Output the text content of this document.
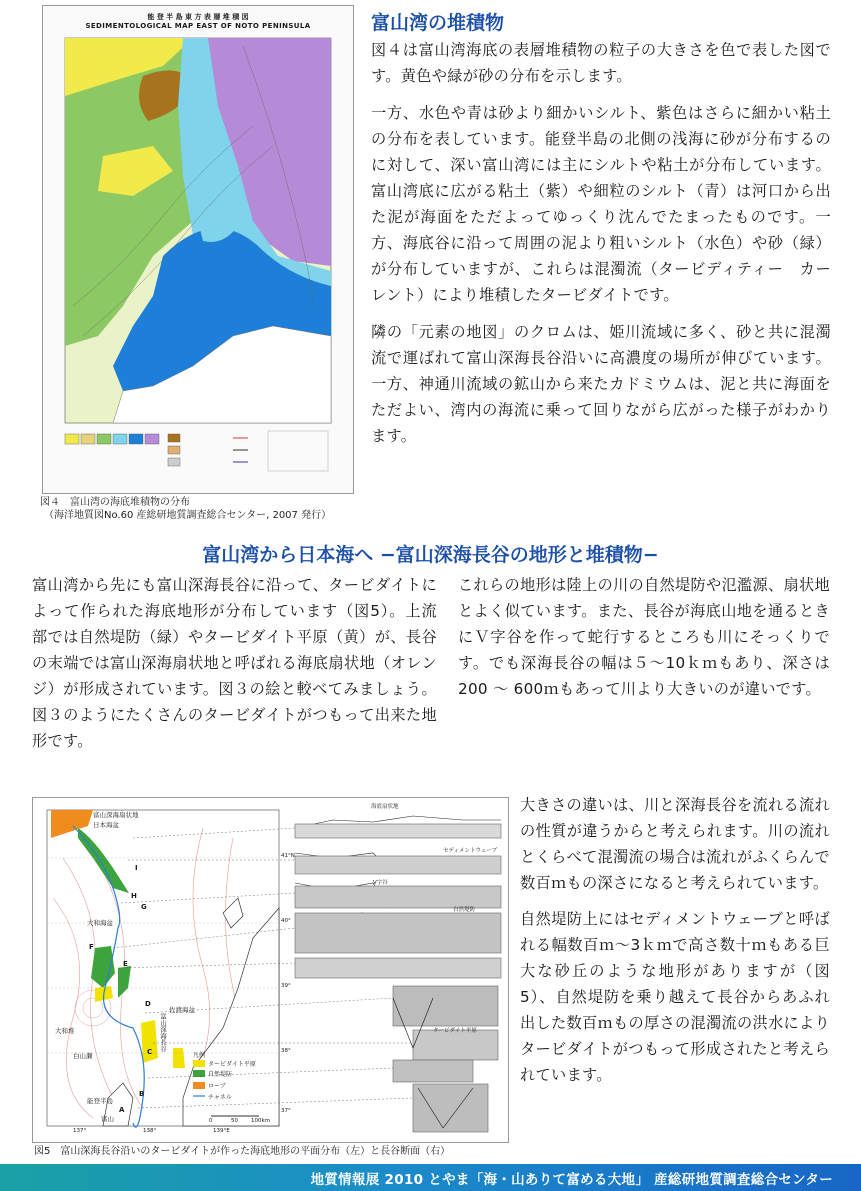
富山湾の堆積物

図４は富山湾海底の表層堆積物の粒子の大きさを色で表した図です。黄色や緑が砂の分布を示します。

一方、水色や青は砂より細かいシルト、紫色はさらに細かい粘土の分布を表しています。能登半島の北側の浅海に砂が分布するのに対して、深い富山湾には主にシルトや粘土が分布しています。富山湾底に広がる粘土（紫）や細粒のシルト（青）は河口から出た泥が海面をただよってゆっくり沈んでたまったものです。一方、海底谷に沿って周囲の泥より粗いシルト（水色）や砂（緑）が分布していますが、これらは混濁流（タービディティー　カーレント）により堆積したタービダイトです。

隣の「元素の地図」のクロムは、姫川流域に多く、砂と共に混濁流で運ばれて富山深海長谷沿いに高濃度の場所が伸びています。一方、神通川流域の鉱山から来たカドミウムは、泥と共に海面をただよい、湾内の海流に乗って回りながら広がった様子がわかります。

能 登 半 島 東 方 表 層 堆 積 図
SEDIMENTOLOGICAL MAP EAST OF NOTO PENINSULA
図４　富山湾の海底堆積物の分布
（海洋地質図No.60 産総研地質調査総合センター, 2007 発行）
富山湾から日本海へ −富山深海長谷の地形と堆積物−

富山湾から先にも富山深海長谷に沿って、タービダイトによって作られた海底地形が分布しています（図5）。上流部では自然堤防（緑）やタービダイト平原（黄）が、長谷の末端では富山深海扇状地と呼ばれる海底扇状地（オレンジ）が形成されています。図３の絵と較べてみましょう。図３のようにたくさんのタービダイトがつもって出来た地形です。

これらの地形は陸上の川の自然堤防や氾濫源、扇状地とよく似ています。また、長谷が海底山地を通るときにＶ字谷を作って蛇行するところも川にそっくりです。でも深海長谷の幅は５〜10ｋｍもあり、深さは200 〜 600ｍもあって川より大きいのが違いです。

大きさの違いは、川と深海長谷を流れる流れの性質が違うからと考えられます。川の流れとくらべて混濁流の場合は流れがふくらんで数百ｍもの深さになると考えられています。

自然堤防上にはセディメントウェーブと呼ばれる幅数百ｍ〜3ｋｍで高さ数十ｍもある巨大な砂丘のような地形がありますが（図5）、自然堤防を乗り越えて長谷からあふれ出した数百ｍもの厚さの混濁流の洪水によりタービダイトがつもって形成されたと考えられています。

富山深海扇状地
日本海盆
大和海盆
大和堆
白山瀬
富山深海長谷
佐渡海盆
能登半島
富山
I
H
G
F
E
D
C
B
A
凡例
タービダイト平原
自然堤防
ローブ
チャネル
0	50 100km
41°N
40°
39°
38°
37°
137°	138°	139°E
海底扇状地
セディメントウェーブ
V字谷
自然堤防
タービダイト平原
図5　富山深海長谷沿いのタービダイトが作った海底地形の平面分布（左）と長谷断面（右）
地質情報展 2010 とやま「海・山ありて富める大地」 産総研地質調査総合センター
